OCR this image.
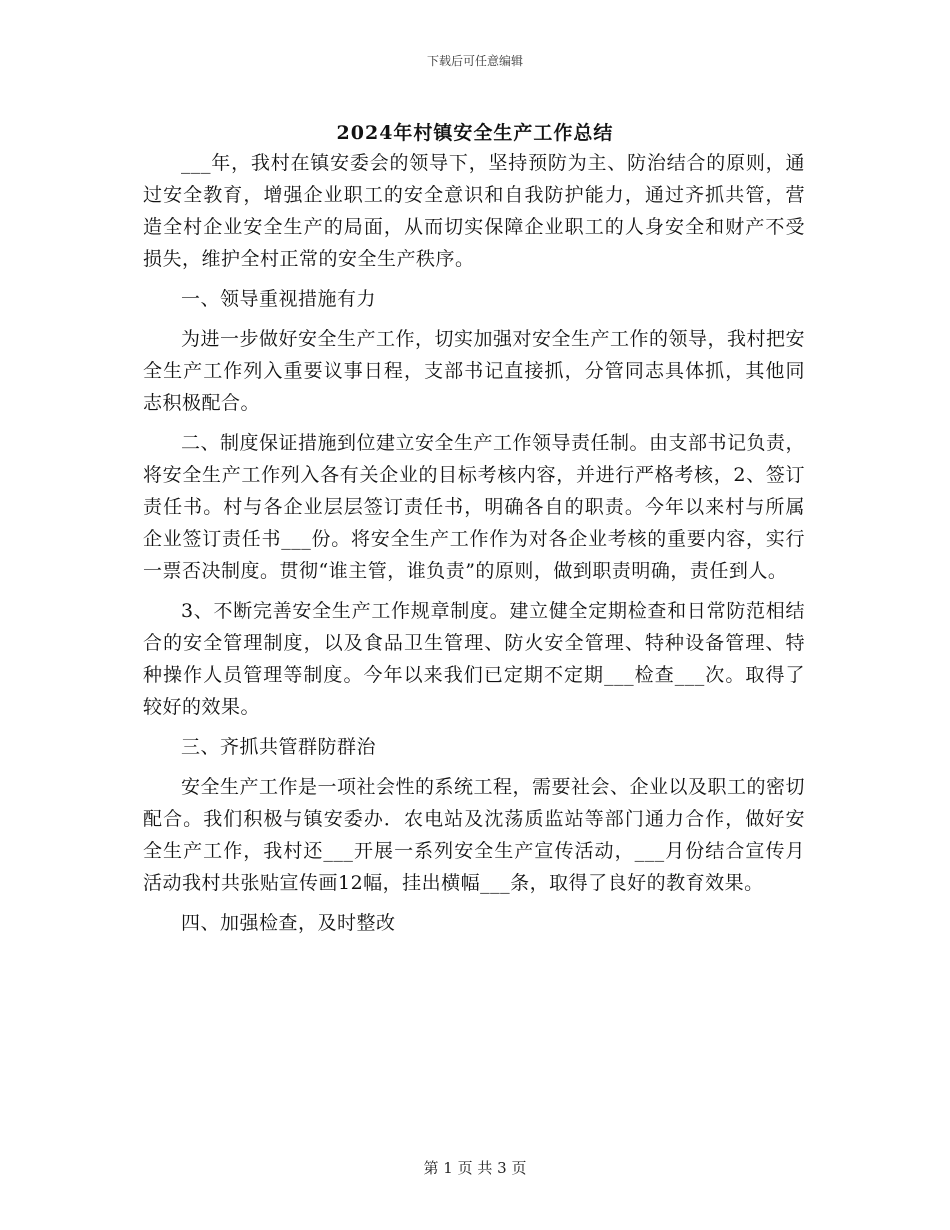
下载后可任意编辑
2024年村镇安全生产工作总结

___年，我村在镇安委会的领导下，坚持预防为主、防治结合的原则，通过安全教育，增强企业职工的安全意识和自我防护能力，通过齐抓共管，营造全村企业安全生产的局面，从而切实保障企业职工的人身安全和财产不受损失，维护全村正常的安全生产秩序。

一、领导重视措施有力

为进一步做好安全生产工作，切实加强对安全生产工作的领导，我村把安全生产工作列入重要议事日程，支部书记直接抓，分管同志具体抓，其他同志积极配合。

二、制度保证措施到位建立安全生产工作领导责任制。由支部书记负责，将安全生产工作列入各有关企业的目标考核内容，并进行严格考核，2、签订责任书。村与各企业层层签订责任书，明确各自的职责。今年以来村与所属企业签订责任书___份。将安全生产工作作为对各企业考核的重要内容，实行一票否决制度。贯彻“谁主管，谁负责”的原则，做到职责明确，责任到人。

3、不断完善安全生产工作规章制度。建立健全定期检查和日常防范相结合的安全管理制度，以及食品卫生管理、防火安全管理、特种设备管理、特种操作人员管理等制度。今年以来我们已定期不定期___检查___次。取得了较好的效果。

三、齐抓共管群防群治

安全生产工作是一项社会性的系统工程，需要社会、企业以及职工的密切配合。我们积极与镇安委办．农电站及沈荡质监站等部门通力合作，做好安全生产工作，我村还___开展一系列安全生产宣传活动，___月份结合宣传月活动我村共张贴宣传画12幅，挂出横幅___条，取得了良好的教育效果。

四、加强检查，及时整改

第 1 页 共 3 页
